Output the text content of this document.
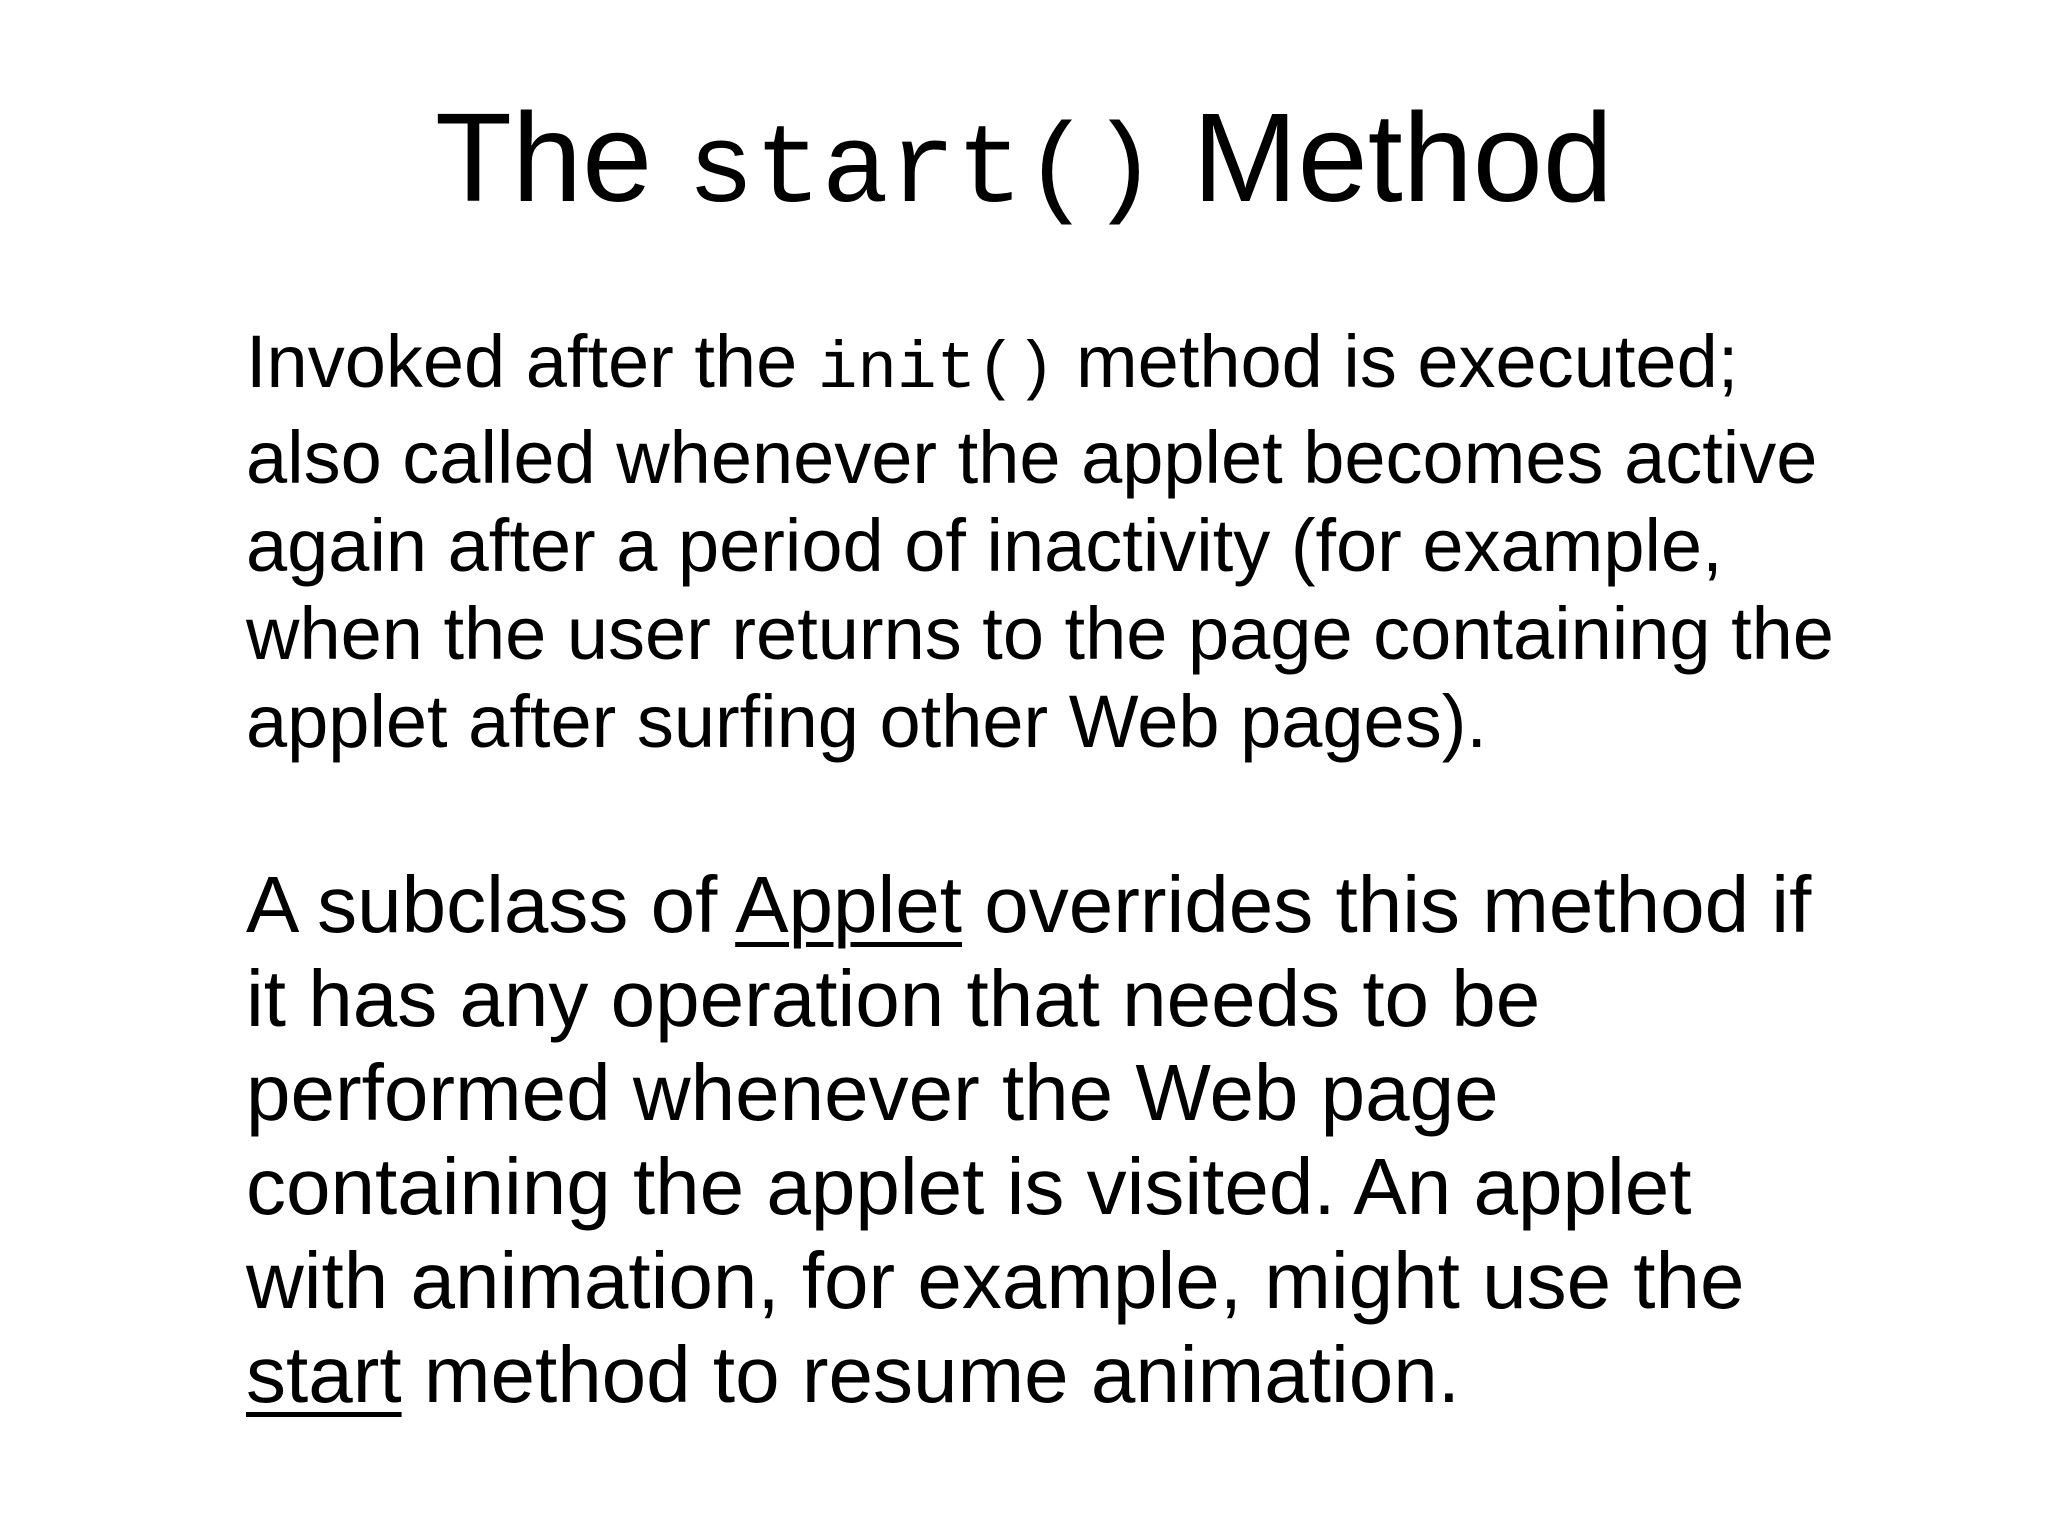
The start() Method
Invoked after the init() method is executed;
also called whenever the applet becomes active
again after a period of inactivity (for example,
when the user returns to the page containing the
applet after surfing other Web pages).
A subclass of Applet overrides this method if
it has any operation that needs to be
performed whenever the Web page
containing the applet is visited. An applet
with animation, for example, might use the
start method to resume animation.
